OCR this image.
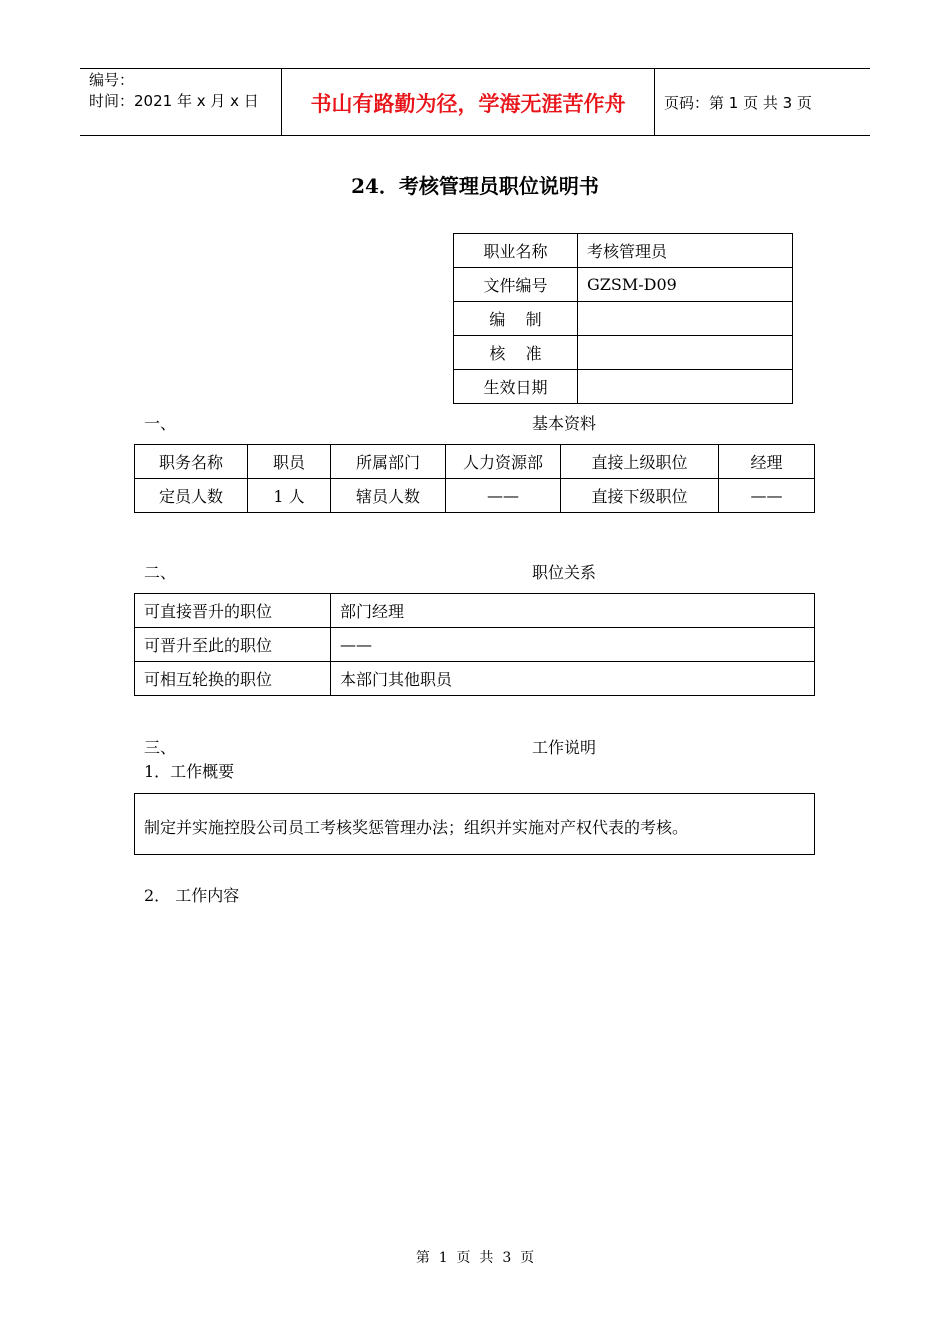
编号：
时间：2021 年 x 月 x 日	书山有路勤为径，学海无涯苦作舟	页码：第 1 页 共 3 页
24．考核管理员职位说明书
职业名称	考核管理员
文件编号	GZSM-D09
编    制	
核    准	
生效日期	
一、	基本资料
职务名称	职员	所属部门	人力资源部	直接上级职位	经理
定员人数	1 人	辖员人数	——	直接下级职位	——
二、	职位关系
可直接晋升的职位	部门经理
可晋升至此的职位	——
可相互轮换的职位	本部门其他职员
三、	工作说明
1．工作概要
制定并实施控股公司员工考核奖惩管理办法；组织并实施对产权代表的考核。
2． 工作内容
第  1  页  共  3  页
